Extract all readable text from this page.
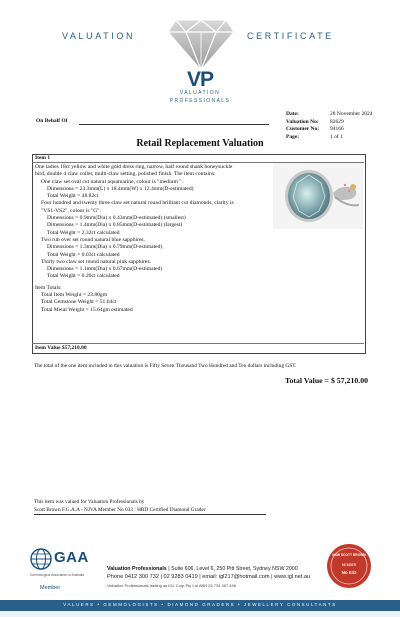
VALUATION	CERTIFICATE
VP
VALUATION
PROFESSIONALS
On Behalf Of
Date:	28 November 2024
Valuation No:	82629
Customer No:	94166
Page:	1 of 1
Retail Replacement Valuation
Item 1
One ladies 18ct yellow and white gold dress ring, narrow, half round shank honeysuckle
bird, double 4 claw collet, multi-claw setting, polished finish. The item contains:
One claw set oval cut natural aquamarine, colour is "medium ".
Dimensions = 23.3mm(L) x 18.4mm(W) x 12.4mm(D-estimated)
Total Weight = 48.82ct
Four hundred and twenty three claw set natural round brilliant cut diamonds, clarity is
"VS1-VS2", colour is "G".
Dimensions = 0.9mm(Dia) x 0.43mm(D-estimated) (smallest)
Dimensions = 1.4mm(Dia) x 0.85mm(D-estimated) (largest)
Total Weight = 2.32ct calculated
Two rub over set round natural blue sapphires.
Dimensions = 1.3mm(Dia) x 0.79mm(D-estimated)
Total Weight = 0.03ct calculated
Thirty two claw set round natural pink sapphires.
Dimensions = 1.1mm(Dia) x 0.67mm(D-estimated)
Total Weight = 0.20ct calculated
Item Totals:
Total Item Weight = 23.80gm
Total Gemstone Weight = 51.64ct
Total Metal Weight = 15.64gm estimated
Item Value $57,210.00
The total of the one item included in this valuation is Fifty Seven Thousand Two Hundred and Ten dollars including GST.
Total Value = $ 57,210.00
This item was valued for Valuation Professionals by
Scott Brown F.G.A.A - NJVA Member No 033 : HRD Certified Diamond Grader
GAA
Gemmological Association of Australia
Member
Valuation Professionals | Suite 606, Level 6, 250 Pitt Street, Sydney NSW 2000
Phone 0412 300 732 | 02 9283 0419 | email: igl217@hotmail.com | www.igl.net.au
Valuation Professionals trading as IGL Corp Pty Ltd ABN 25 734 397 496
NSW SCOTT BROWN
MEMBER
No 033
VALUERS • GEMMOLOGISTS • DIAMOND GRADERS • JEWELLERY CONSULTANTS
